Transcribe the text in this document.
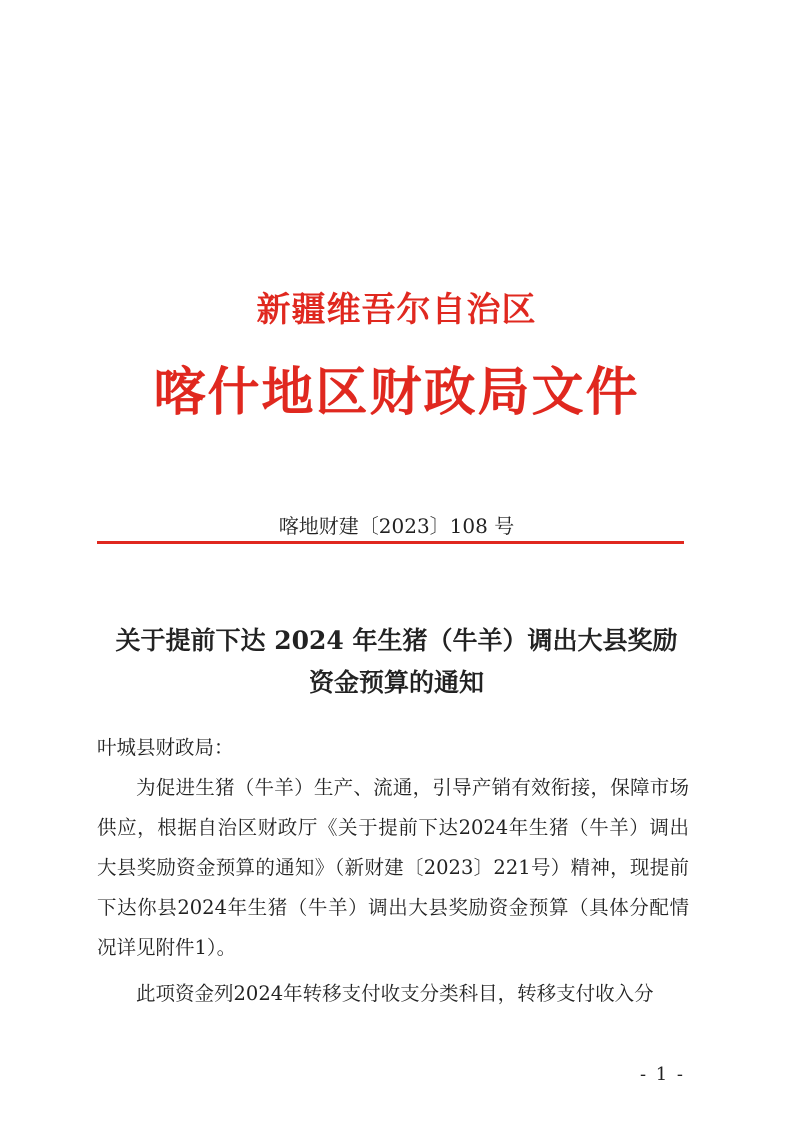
新疆维吾尔自治区
喀什地区财政局文件
喀地财建〔2023〕108 号
关于提前下达 2024 年生猪（牛羊）调出大县奖励
资金预算的通知

叶城县财政局：

为促进生猪（牛羊）生产、流通，引导产销有效衔接，保障市场供应，根据自治区财政厅《关于提前下达2024年生猪（牛羊）调出大县奖励资金预算的通知》（新财建〔2023〕221号）精神，现提前下达你县2024年生猪（牛羊）调出大县奖励资金预算（具体分配情况详见附件1）。

此项资金列2024年转移支付收支分类科目，转移支付收入分

- 1 -
